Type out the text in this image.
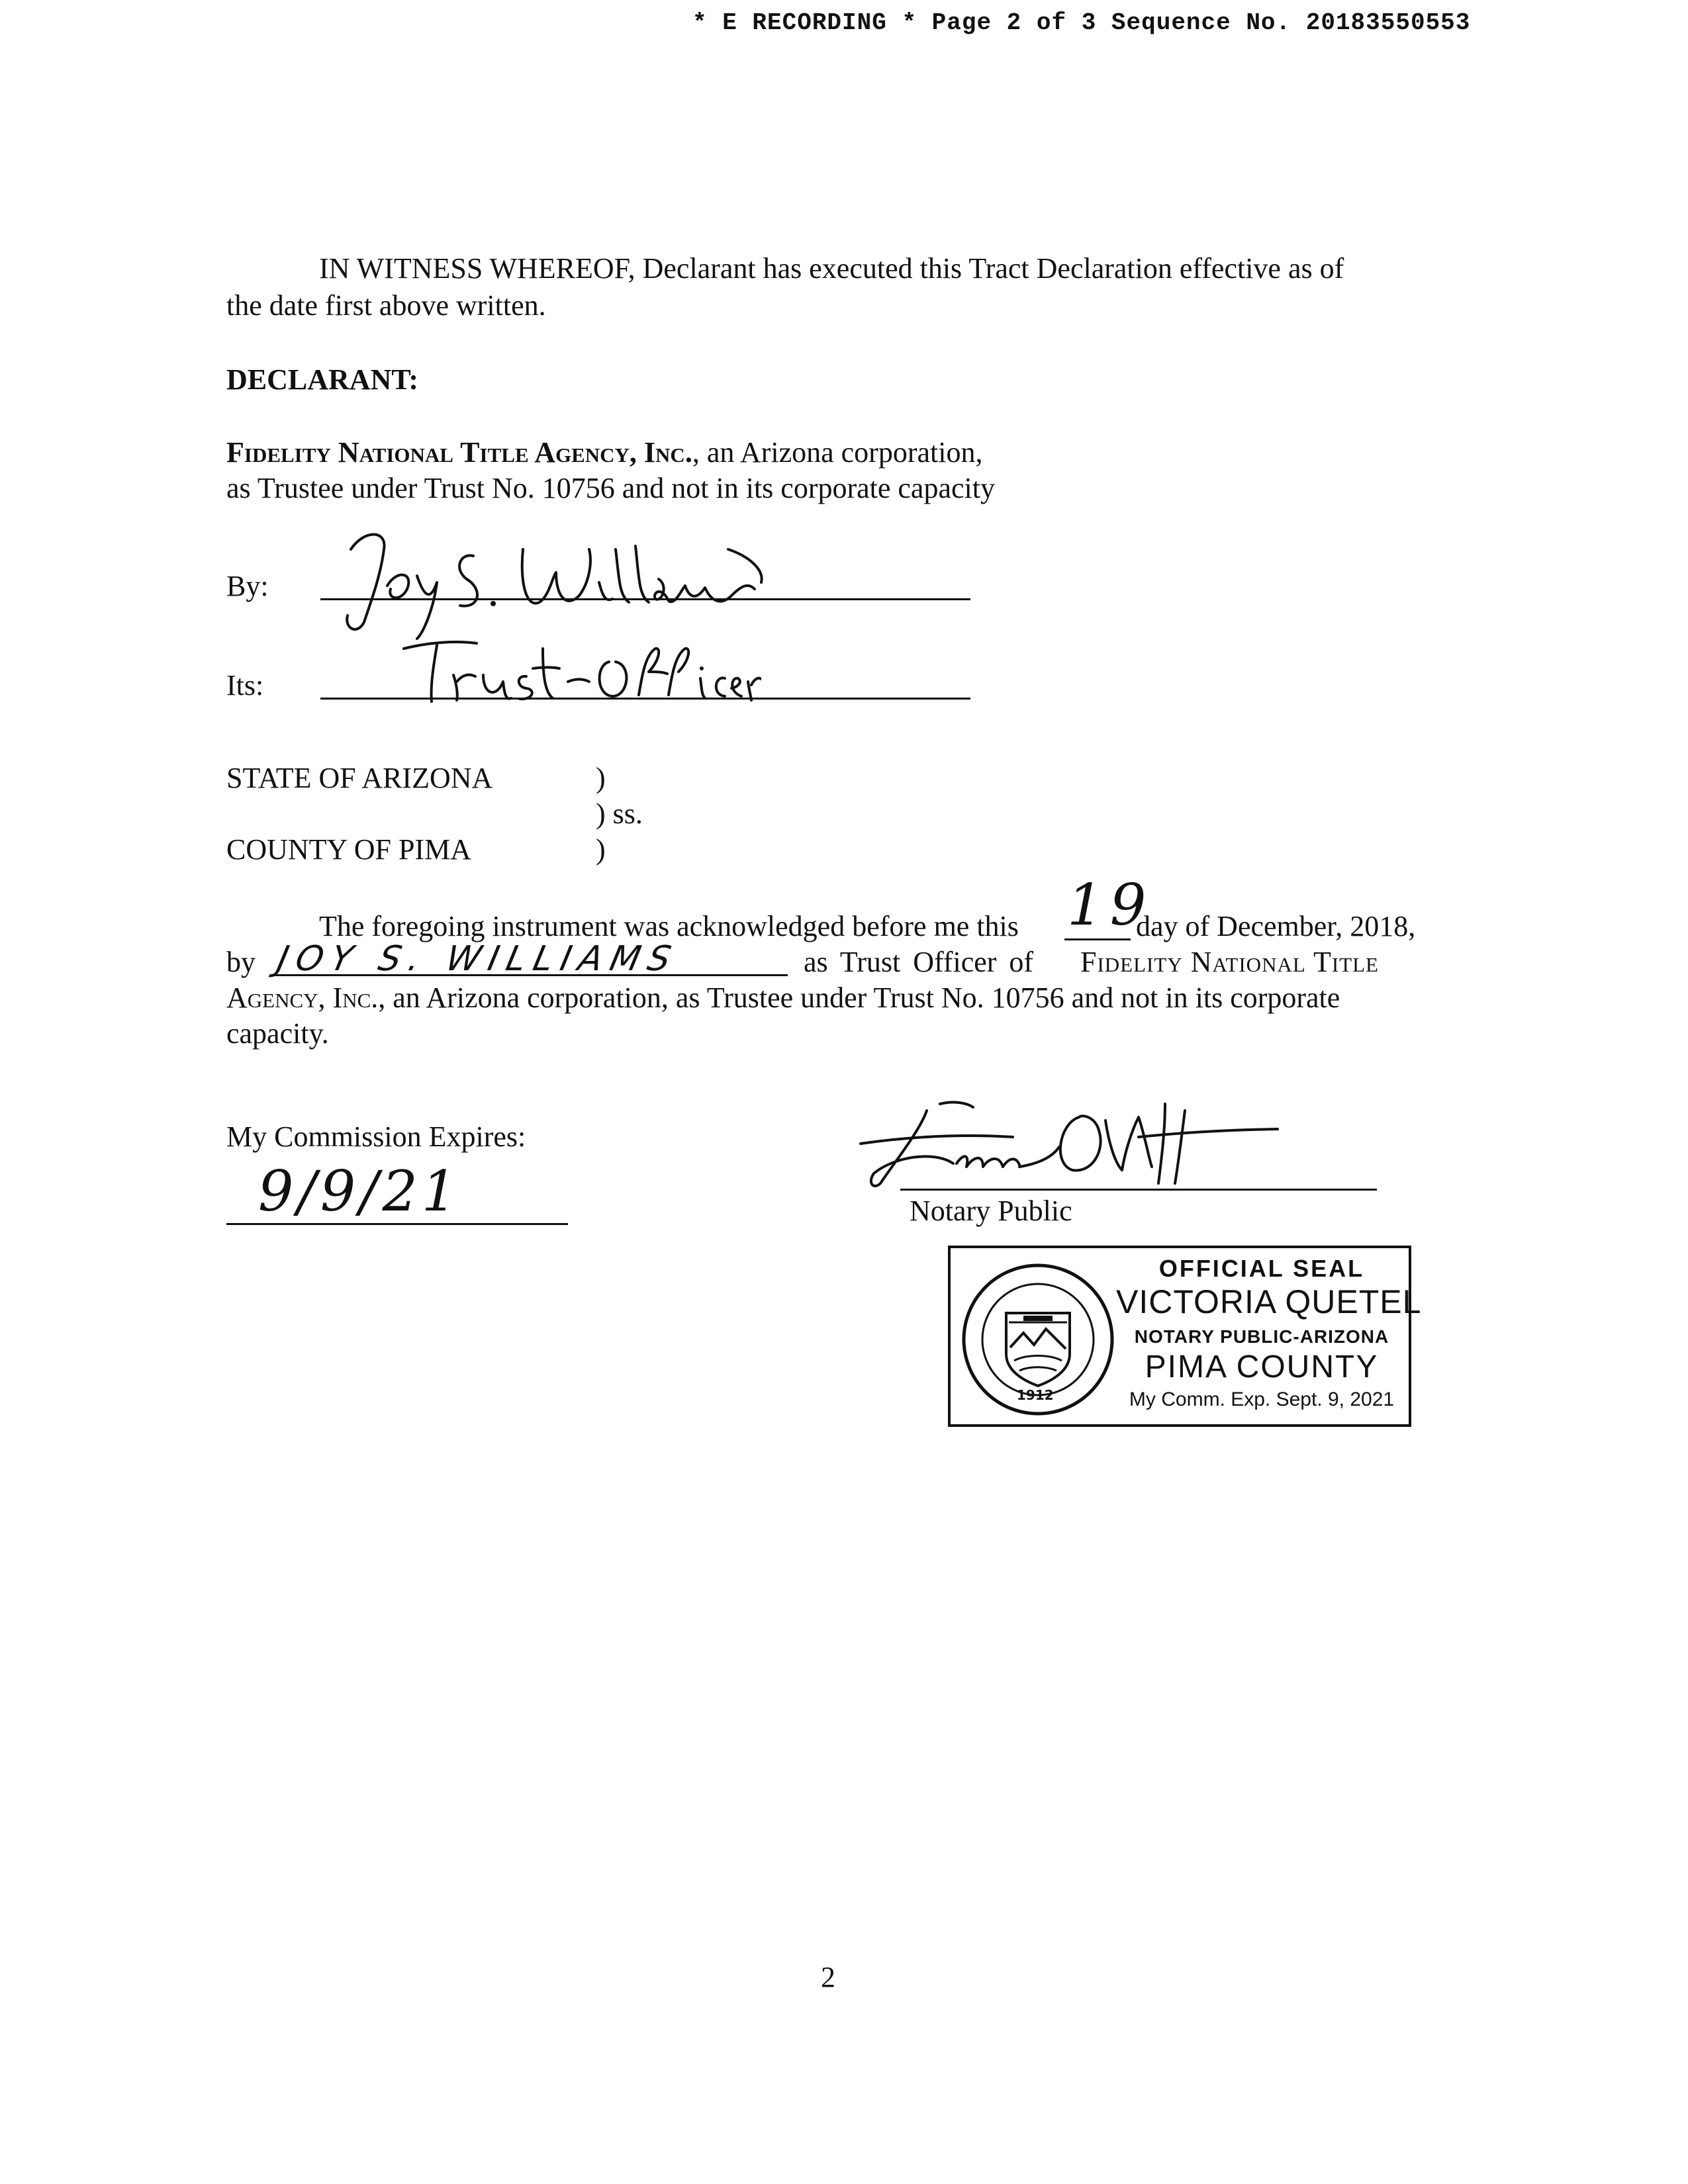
* E RECORDING * Page 2 of 3 Sequence No. 20183550553
IN WITNESS WHEREOF, Declarant has executed this Tract Declaration effective as of
the date first above written.
DECLARANT:
Fidelity National Title Agency, Inc., an Arizona corporation,
as Trustee under Trust No. 10756 and not in its corporate capacity
By:
Its:
STATE OF ARIZONA	)
) ss.
COUNTY OF PIMA	)
The foregoing instrument was acknowledged before me this 19
day of December, 2018,
by JOY S. WILLIAMS	as Trust Officer of Fidelity National Title
Agency, Inc., an Arizona corporation, as Trustee under Trust No. 10756 and not in its corporate
capacity.
My Commission Expires:
9/9/21	Notary Public
1912
OFFICIAL SEAL
VICTORIA QUETEL
NOTARY PUBLIC-ARIZONA
PIMA COUNTY
My Comm. Exp. Sept. 9, 2021
2
